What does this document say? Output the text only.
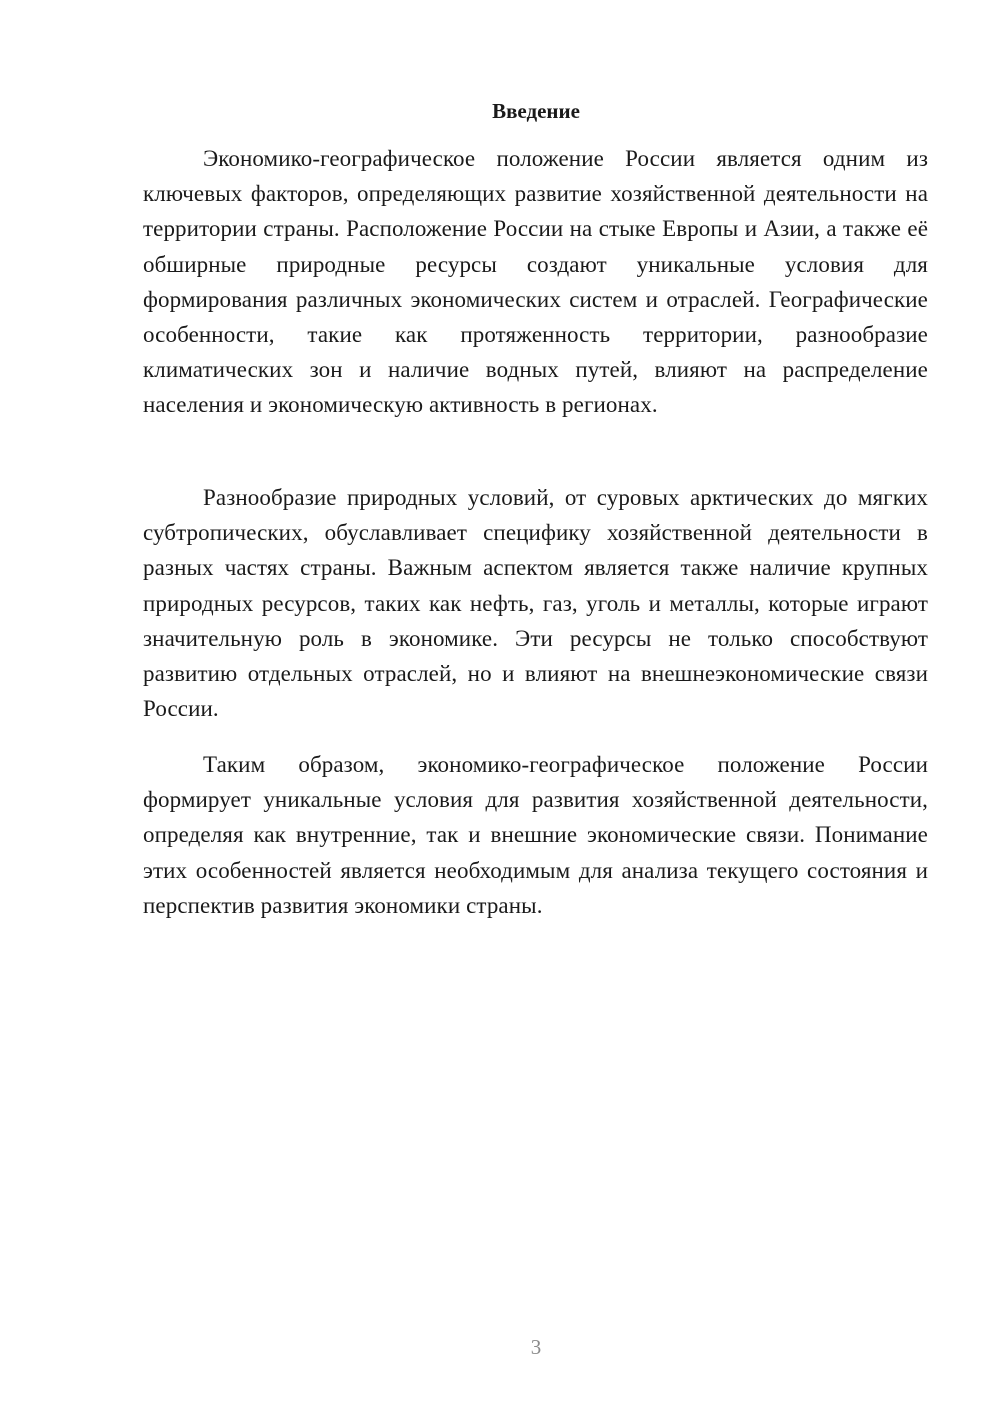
Введение

Экономико-географическое положение России является одним из ключевых факторов, определяющих развитие хозяйственной деятельности на территории страны. Расположение России на стыке Европы и Азии, а также её обширные природные ресурсы создают уникальные условия для формирования различных экономических систем и отраслей. Географические особенности, такие как протяженность территории, разнообразие климатических зон и наличие водных путей, влияют на распределение населения и экономическую активность в регионах.

Разнообразие природных условий, от суровых арктических до мягких субтропических, обуславливает специфику хозяйственной деятельности в разных частях страны. Важным аспектом является также наличие крупных природных ресурсов, таких как нефть, газ, уголь и металлы, которые играют значительную роль в экономике. Эти ресурсы не только способствуют развитию отдельных отраслей, но и влияют на внешнеэкономические связи России.

Таким образом, экономико-географическое положение России формирует уникальные условия для развития хозяйственной деятельности, определяя как внутренние, так и внешние экономические связи. Понимание этих особенностей является необходимым для анализа текущего состояния и перспектив развития экономики страны.

3
